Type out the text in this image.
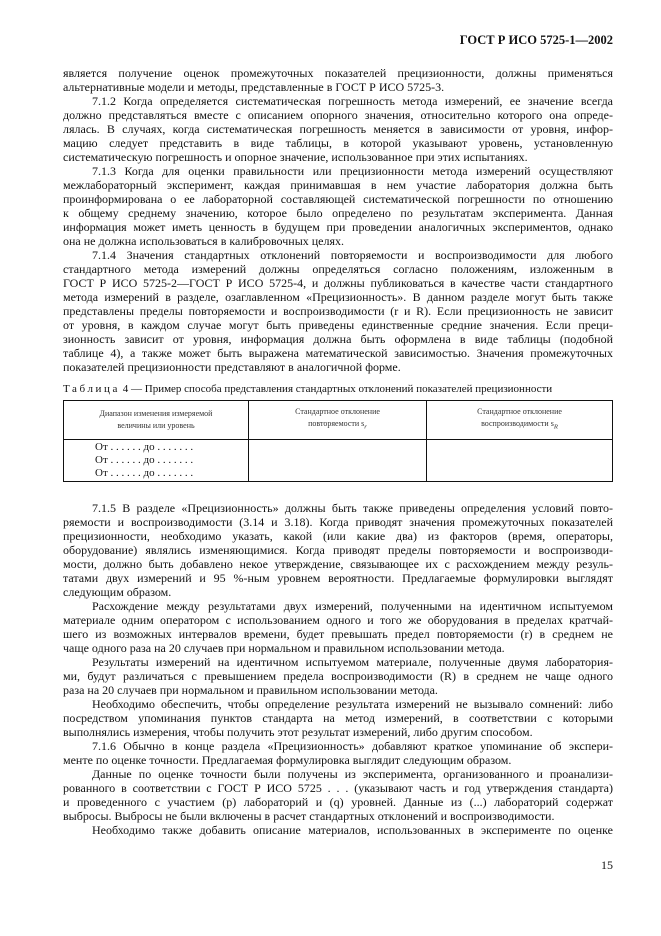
ГОСТ Р ИСО 5725-1—2002
является получение оценок промежуточных показателей прецизионности, должны применяться
альтернативные модели и методы, представленные в ГОСТ Р ИСО 5725-3.
7.1.2 Когда определяется систематическая погрешность метода измерений, ее значение всегда
должно представляться вместе с описанием опорного значения, относительно которого она опреде-
лялась. В случаях, когда систематическая погрешность меняется в зависимости от уровня, инфор-
мацию следует представить в виде таблицы, в которой указывают уровень, установленную
систематическую погрешность и опорное значение, использованное при этих испытаниях.
7.1.3 Когда для оценки правильности или прецизионности метода измерений осуществляют
межлабораторный эксперимент, каждая принимавшая в нем участие лаборатория должна быть
проинформирована о ее лабораторной составляющей систематической погрешности по отношению
к общему среднему значению, которое было определено по результатам эксперимента. Данная
информация может иметь ценность в будущем при проведении аналогичных экспериментов, однако
она не должна использоваться в калибровочных целях.
7.1.4 Значения стандартных отклонений повторяемости и воспроизводимости для любого
стандартного метода измерений должны определяться согласно положениям, изложенным в
ГОСТ Р ИСО 5725-2—ГОСТ Р ИСО 5725-4, и должны публиковаться в качестве части стандартного
метода измерений в разделе, озаглавленном «Прецизионность». В данном разделе могут быть также
представлены пределы повторяемости и воспроизводимости (r и R). Если прецизионность не зависит
от уровня, в каждом случае могут быть приведены единственные средние значения. Если преци-
зионность зависит от уровня, информация должна быть оформлена в виде таблицы (подобной
таблице 4), а также может быть выражена математической зависимостью. Значения промежуточных
показателей прецизионности представляют в аналогичной форме.
Таблица 4 — Пример способа представления стандартных отклонений показателей прецизионности
Диапазон изменения измеряемой
величины или уровень	Стандартное отклонение
повторяемости $s_r$	Стандартное отклонение
воспроизводимости $s_R$

От . . . . . . до . . . . . . .
От . . . . . . до . . . . . . .
От . . . . . . до . . . . . . .		

7.1.5 В разделе «Прецизионность» должны быть также приведены определения условий повто-
ряемости и воспроизводимости (3.14 и 3.18). Когда приводят значения промежуточных показателей
прецизионности, необходимо указать, какой (или какие два) из факторов (время, операторы,
оборудование) являлись изменяющимися. Когда приводят пределы повторяемости и воспроизводи-
мости, должно быть добавлено некое утверждение, связывающее их с расхождением между резуль-
татами двух измерений и 95 %-ным уровнем вероятности. Предлагаемые формулировки выглядят
следующим образом.
Расхождение между результатами двух измерений, полученными на идентичном испытуемом
материале одним оператором с использованием одного и того же оборудования в пределах кратчай-
шего из возможных интервалов времени, будет превышать предел повторяемости (r) в среднем не
чаще одного раза на 20 случаев при нормальном и правильном использовании метода.
Результаты измерений на идентичном испытуемом материале, полученные двумя лаборатория-
ми, будут различаться с превышением предела воспроизводимости (R) в среднем не чаще одного
раза на 20 случаев при нормальном и правильном использовании метода.
Необходимо обеспечить, чтобы определение результата измерений не вызывало сомнений: либо
посредством упоминания пунктов стандарта на метод измерений, в соответствии с которыми
выполнялись измерения, чтобы получить этот результат измерений, либо другим способом.
7.1.6 Обычно в конце раздела «Прецизионность» добавляют краткое упоминание об экспери-
менте по оценке точности. Предлагаемая формулировка выглядит следующим образом.
Данные по оценке точности были получены из эксперимента, организованного и проанализи-
рованного в соответствии с ГОСТ Р ИСО 5725 . . . (указывают часть и год утверждения стандарта)
и проведенного с участием (p) лабораторий и (q) уровней. Данные из (...) лабораторий содержат
выбросы. Выбросы не были включены в расчет стандартных отклонений и воспроизводимости.
Необходимо также добавить описание материалов, использованных в эксперименте по оценке
15
